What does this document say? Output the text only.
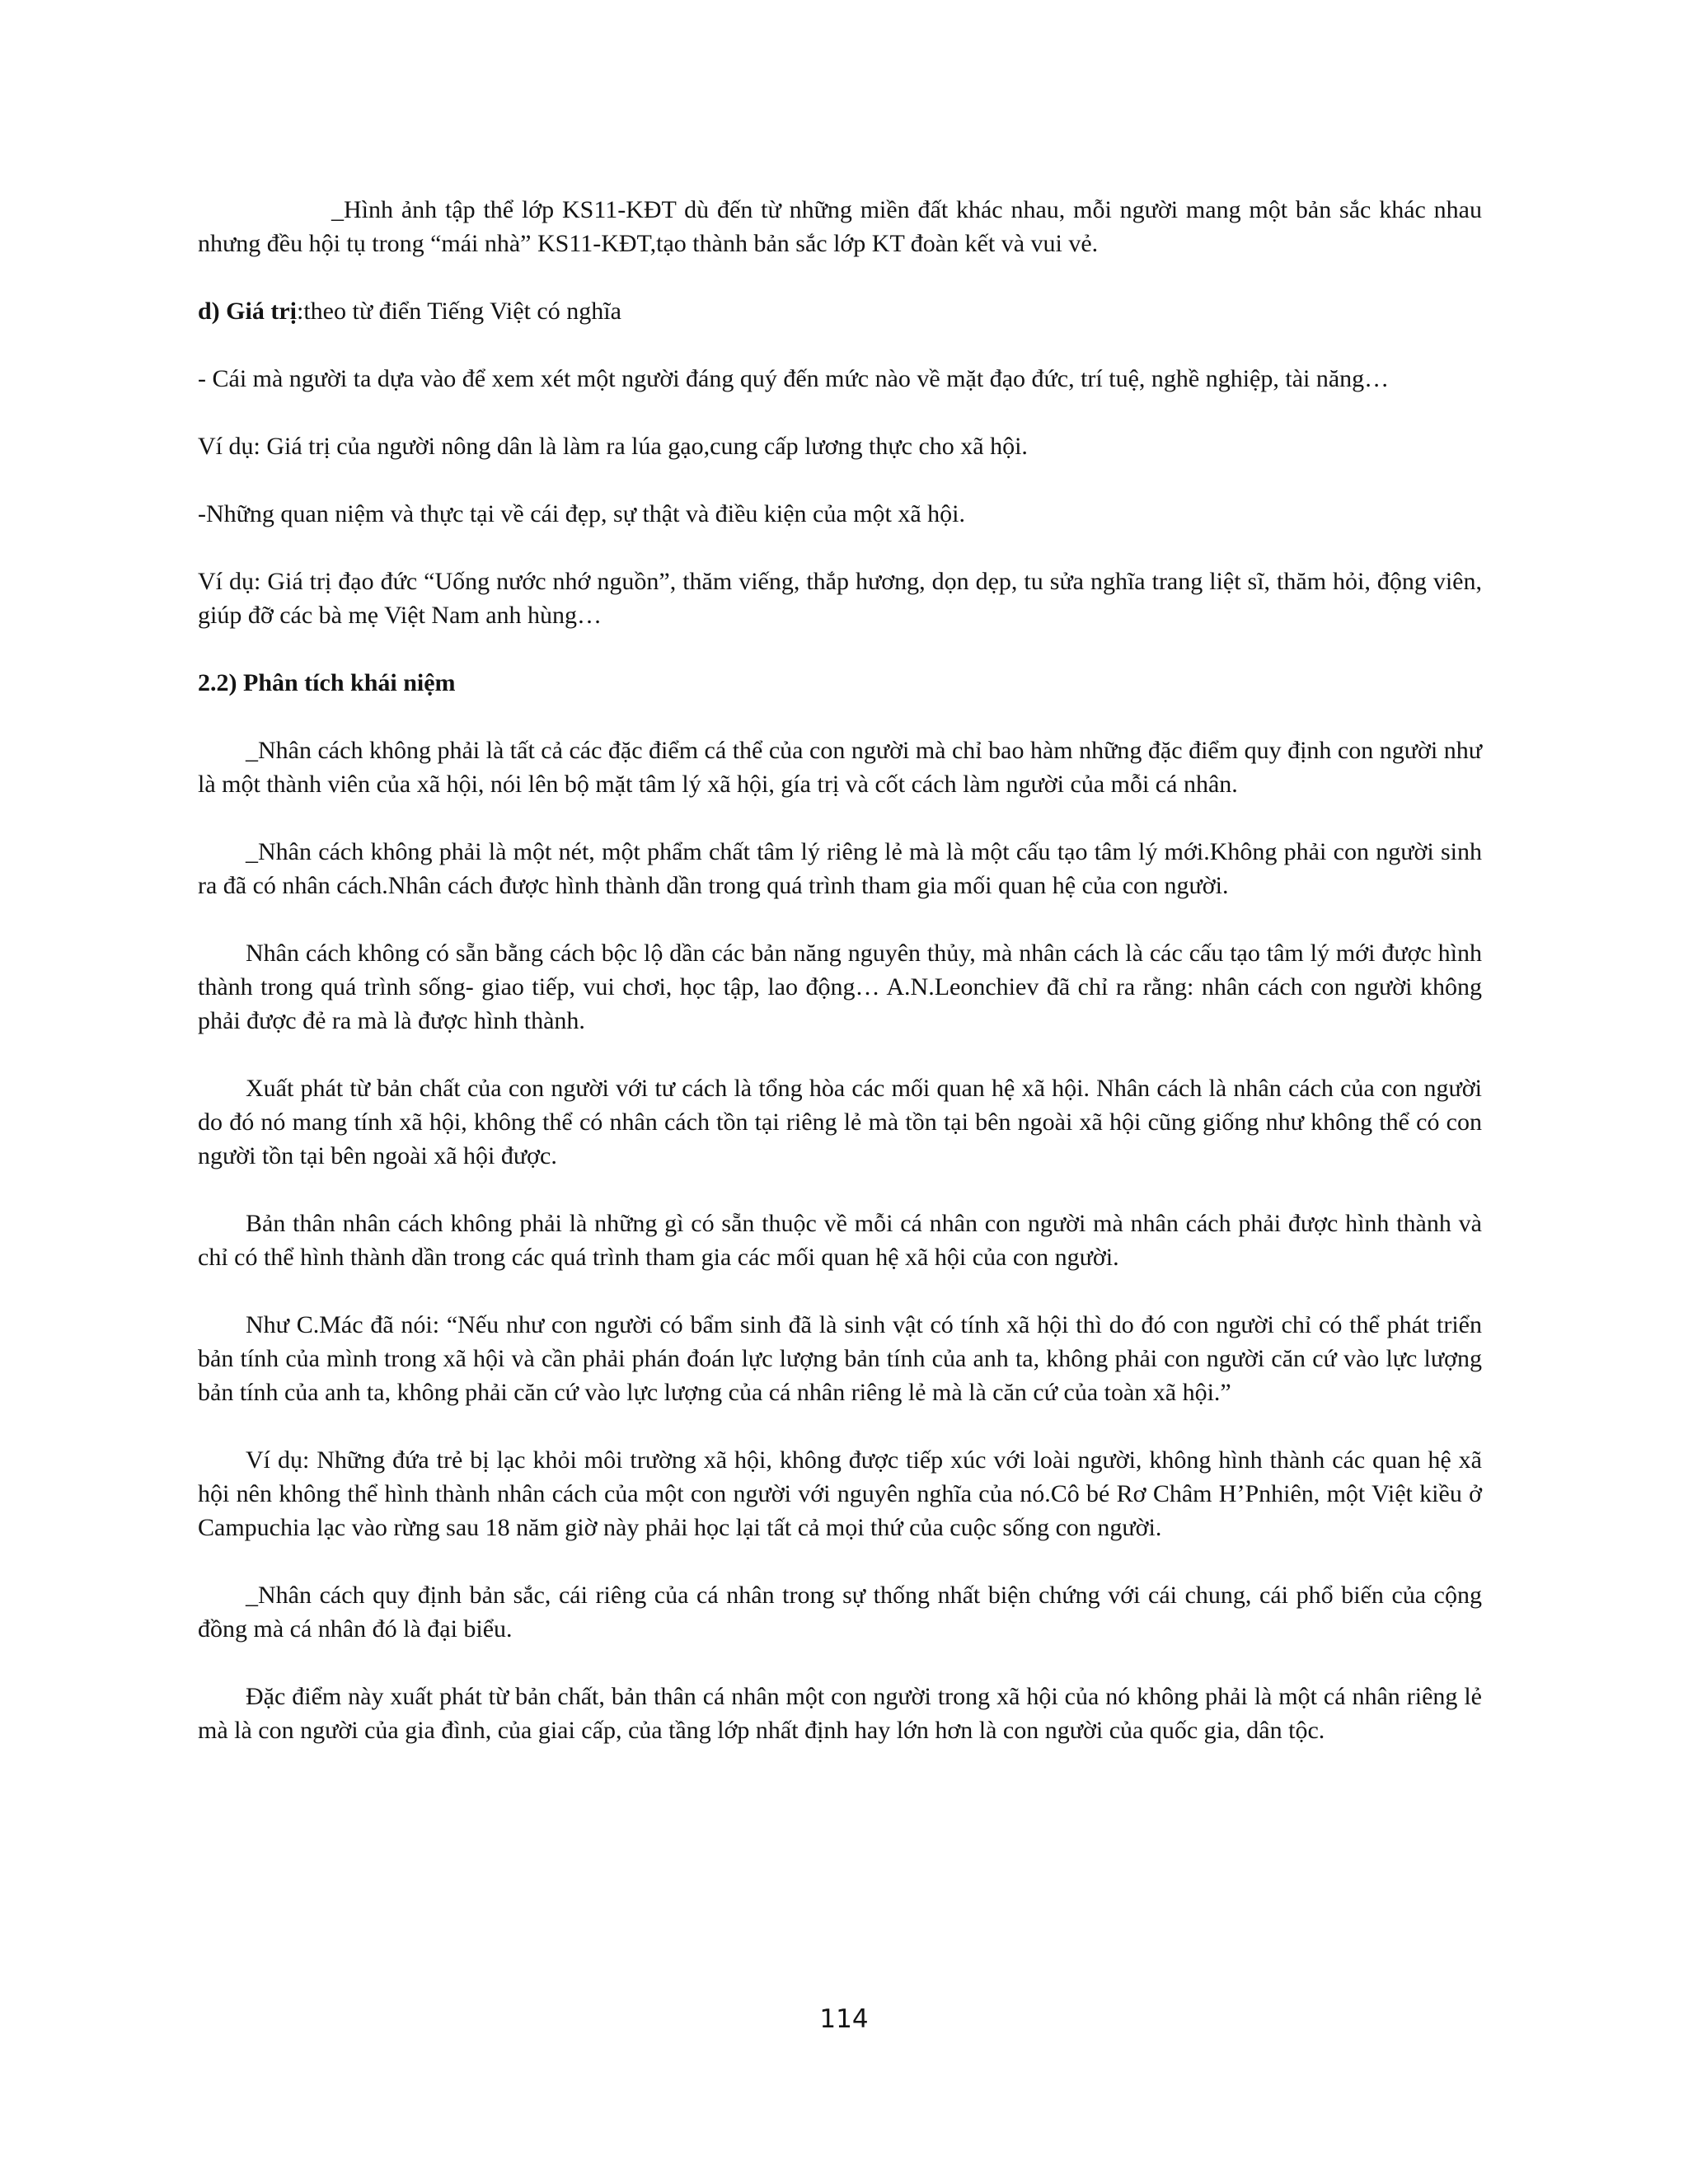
_Hình ảnh tập thể lớp KS11-KĐT dù đến từ những miền đất khác nhau, mỗi người mang một bản sắc khác nhau nhưng đều hội tụ trong “mái nhà” KS11-KĐT,tạo thành bản sắc lớp KT đoàn kết và vui vẻ.

d) Giá trị:theo từ điển Tiếng Việt có nghĩa

- Cái mà người ta dựa vào để xem xét một người đáng quý đến mức nào về mặt đạo đức, trí tuệ, nghề nghiệp, tài năng…

Ví dụ: Giá trị của người nông dân là làm ra lúa gạo,cung cấp lương thực cho xã hội.

-Những quan niệm và thực tại về cái đẹp, sự thật và điều kiện của một xã hội.

Ví dụ: Giá trị đạo đức “Uống nước nhớ nguồn”, thăm viếng, thắp hương, dọn dẹp, tu sửa nghĩa trang liệt sĩ, thăm hỏi, động viên, giúp đỡ các bà mẹ Việt Nam anh hùng…

2.2) Phân tích khái niệm

_Nhân cách không phải là tất cả các đặc điểm cá thể của con người mà chỉ bao hàm những đặc điểm quy định con người như là một thành viên của xã hội, nói lên bộ mặt tâm lý xã hội, gía trị và cốt cách làm người của mỗi cá nhân.

_Nhân cách không phải là một nét, một phẩm chất tâm lý riêng lẻ mà là một cấu tạo tâm lý mới.Không phải con người sinh ra đã có nhân cách.Nhân cách được hình thành dần trong quá trình tham gia mối quan hệ của con người.

Nhân cách không có sẵn bằng cách bộc lộ dần các bản năng nguyên thủy, mà nhân cách là các cấu tạo tâm lý mới được hình thành trong quá trình sống- giao tiếp, vui chơi, học tập, lao động… A.N.Leonchiev đã chỉ ra rằng: nhân cách con người không phải được đẻ ra mà là được hình thành.

Xuất phát từ bản chất của con người với tư cách là tổng hòa các mối quan hệ xã hội. Nhân cách là nhân cách của con người do đó nó mang tính xã hội, không thể có nhân cách tồn tại riêng lẻ mà tồn tại bên ngoài xã hội cũng giống như không thể có con người tồn tại bên ngoài xã hội được.

Bản thân nhân cách không phải là những gì có sẵn thuộc về mỗi cá nhân con người mà nhân cách phải được hình thành và chỉ có thể hình thành dần trong các quá trình tham gia các mối quan hệ xã hội của con người.

Như C.Mác đã nói: “Nếu như con người có bẩm sinh đã là sinh vật có tính xã hội thì do đó con người chỉ có thể phát triển bản tính của mình trong xã hội và cần phải phán đoán lực lượng bản tính của anh ta, không phải con người căn cứ vào lực lượng bản tính của anh ta, không phải căn cứ vào lực lượng của cá nhân riêng lẻ mà là căn cứ của toàn xã hội.”

Ví dụ: Những đứa trẻ bị lạc khỏi môi trường xã hội, không được tiếp xúc với loài người, không hình thành các quan hệ xã hội nên không thể hình thành nhân cách của một con người với nguyên nghĩa của nó.Cô bé Rơ Châm H’Pnhiên, một Việt kiều ở Campuchia lạc vào rừng sau 18 năm giờ này phải học lại tất cả mọi thứ của cuộc sống con người.

_Nhân cách quy định bản sắc, cái riêng của cá nhân trong sự thống nhất biện chứng với cái chung, cái phổ biến của cộng đồng mà cá nhân đó là đại biểu.

Đặc điểm này xuất phát từ bản chất, bản thân cá nhân một con người trong xã hội của nó không phải là một cá nhân riêng lẻ mà là con người của gia đình, của giai cấp, của tầng lớp nhất định hay lớn hơn là con người của quốc gia, dân tộc.

114
